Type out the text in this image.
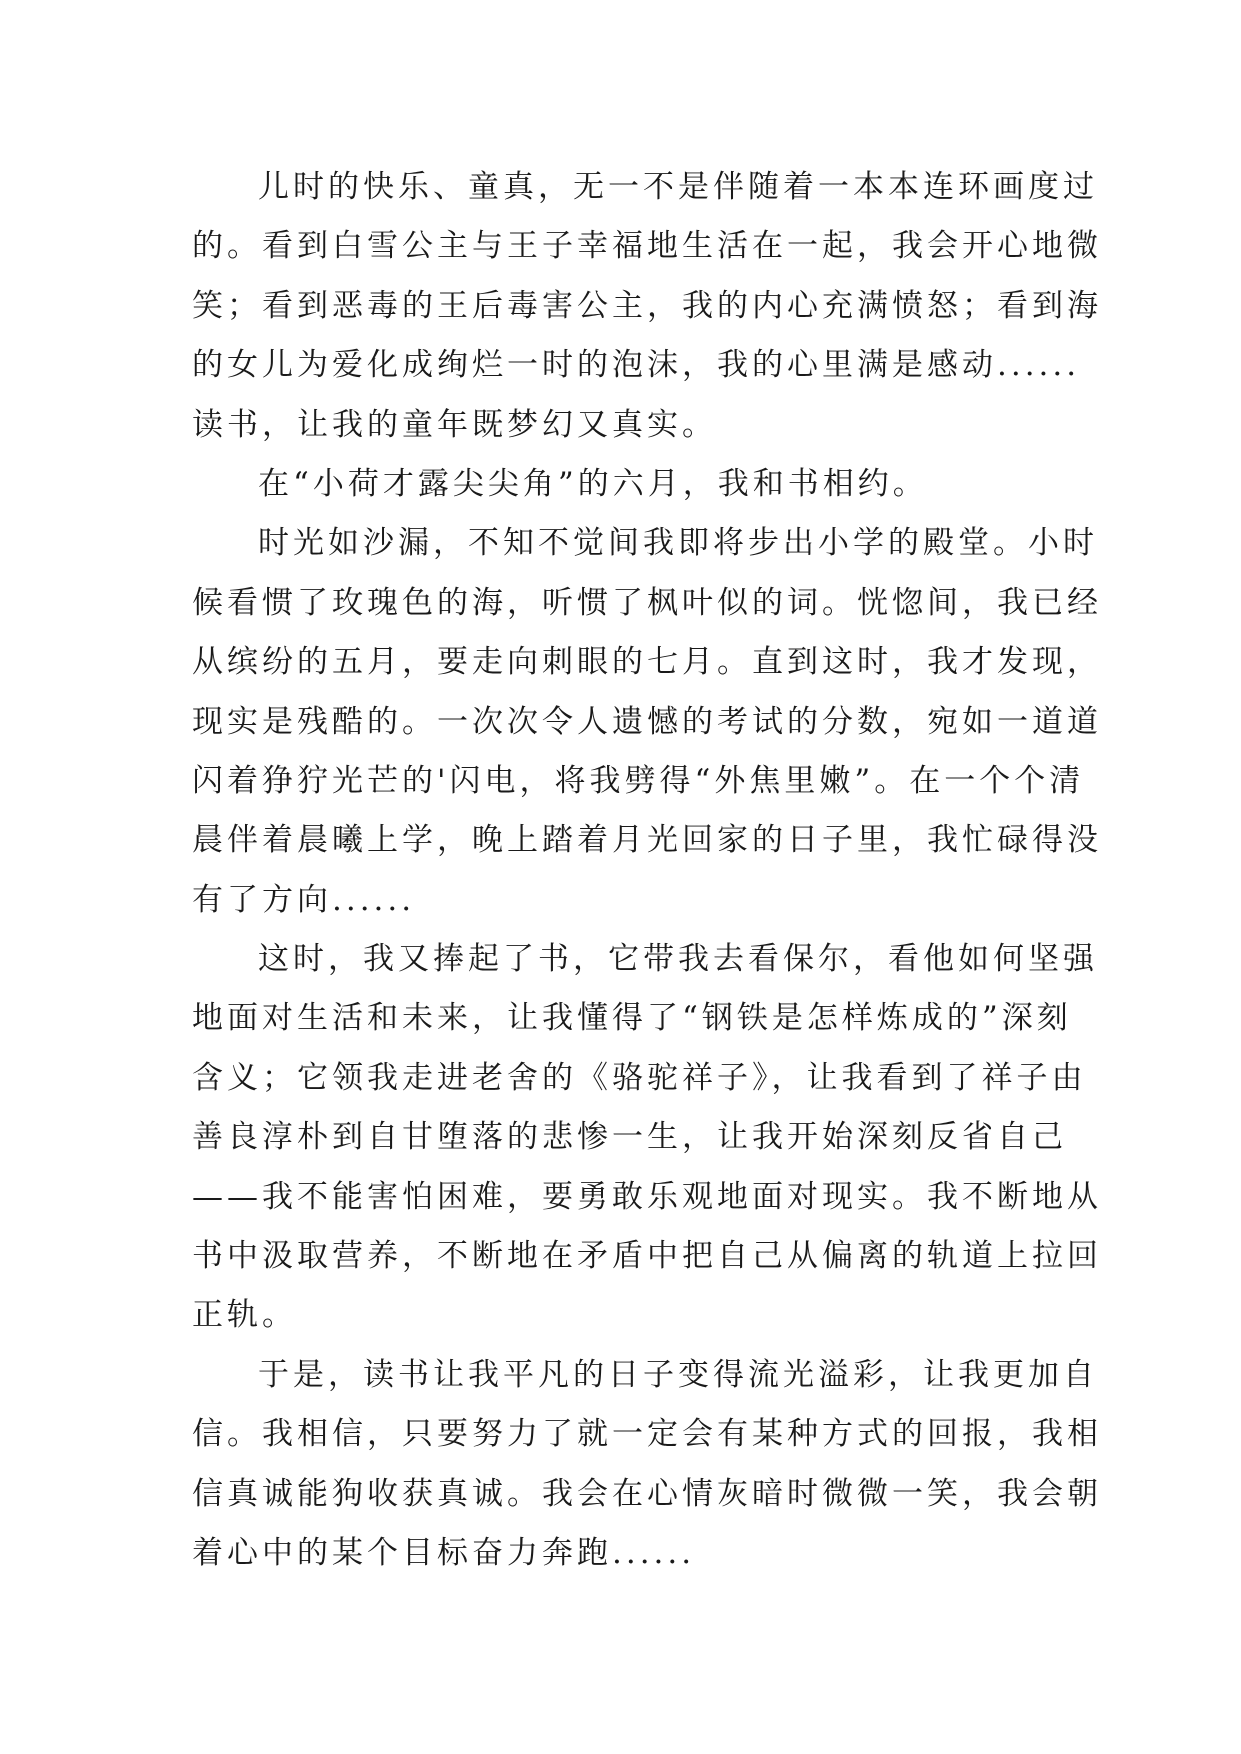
儿时的快乐、童真，无一不是伴随着一本本连环画度过
的。看到白雪公主与王子幸福地生活在一起，我会开心地微
笑；看到恶毒的王后毒害公主，我的内心充满愤怒；看到海
的女儿为爱化成绚烂一时的泡沫，我的心里满是感动......
读书，让我的童年既梦幻又真实。

在“小荷才露尖尖角”的六月，我和书相约。

时光如沙漏，不知不觉间我即将步出小学的殿堂。小时
候看惯了玫瑰色的海，听惯了枫叶似的词。恍惚间，我已经
从缤纷的五月，要走向刺眼的七月。直到这时，我才发现，
现实是残酷的。一次次令人遗憾的考试的分数，宛如一道道
闪着狰狞光芒的'闪电，将我劈得“外焦里嫩”。在一个个清
晨伴着晨曦上学，晚上踏着月光回家的日子里，我忙碌得没
有了方向......

这时，我又捧起了书，它带我去看保尔，看他如何坚强
地面对生活和未来，让我懂得了“钢铁是怎样炼成的”深刻
含义；它领我走进老舍的《骆驼祥子》，让我看到了祥子由
善良淳朴到自甘堕落的悲惨一生，让我开始深刻反省自己
——我不能害怕困难，要勇敢乐观地面对现实。我不断地从
书中汲取营养，不断地在矛盾中把自己从偏离的轨道上拉回
正轨。

于是，读书让我平凡的日子变得流光溢彩，让我更加自
信。我相信，只要努力了就一定会有某种方式的回报，我相
信真诚能狗收获真诚。我会在心情灰暗时微微一笑，我会朝
着心中的某个目标奋力奔跑......
